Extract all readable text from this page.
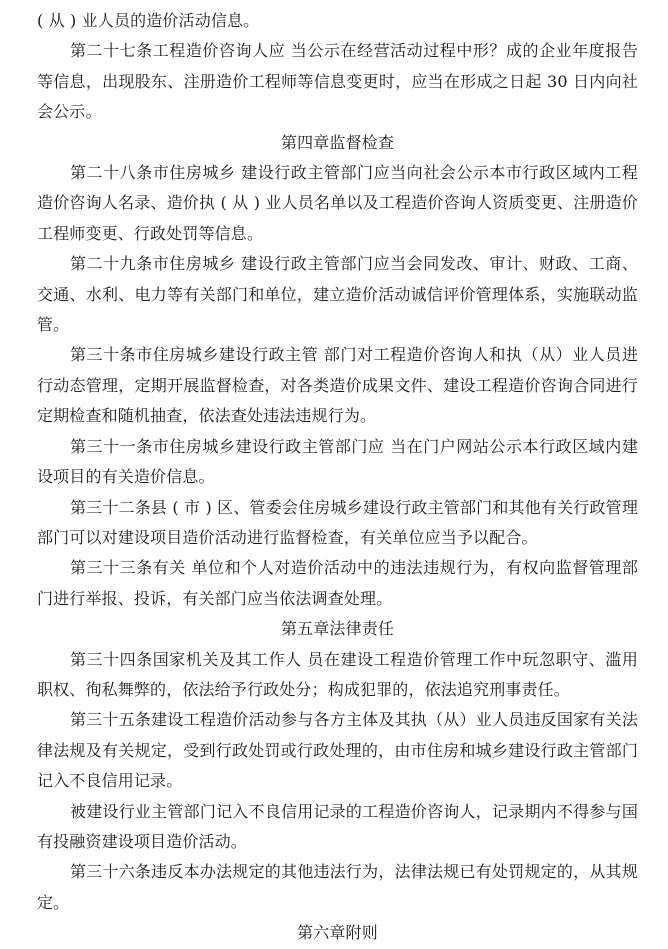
( 从 ) 业人员的造价活动信息。

第二十七条工程造价咨询人应 当公示在经营活动过程中形？成的企业年度报告等信息，出现股东、注册造价工程师等信息变更时，应当在形成之日起 30 日内向社会公示。

第四章监督检查

第二十八条市住房城乡 建设行政主管部门应当向社会公示本市行政区域内工程造价咨询人名录、造价执 ( 从 ) 业人员名单以及工程造价咨询人资质变更、注册造价工程师变更、行政处罚等信息。

第二十九条市住房城乡 建设行政主管部门应当会同发改、审计、财政、工商、交通、水利、电力等有关部门和单位，建立造价活动诚信评价管理体系，实施联动监管。

第三十条市住房城乡建设行政主管 部门对工程造价咨询人和执（从）业人员进行动态管理，定期开展监督检查，对各类造价成果文件、建设工程造价咨询合同进行定期检查和随机抽查，依法查处违法违规行为。

第三十一条市住房城乡建设行政主管部门应 当在门户网站公示本行政区域内建设项目的有关造价信息。

第三十二条县 ( 市 ) 区、管委会住房城乡建设行政主管部门和其他有关行政管理部门可以对建设项目造价活动进行监督检查，有关单位应当予以配合。

第三十三条有关 单位和个人对造价活动中的违法违规行为，有权向监督管理部门进行举报、投诉，有关部门应当依法调查处理。

第五章法律责任

第三十四条国家机关及其工作人 员在建设工程造价管理工作中玩忽职守、滥用职权、徇私舞弊的，依法给予行政处分；构成犯罪的，依法追究刑事责任。

第三十五条建设工程造价活动参与各方主体及其执（从）业人员违反国家有关法律法规及有关规定，受到行政处罚或行政处理的，由市住房和城乡建设行政主管部门记入不良信用记录。

被建设行业主管部门记入不良信用记录的工程造价咨询人，记录期内不得参与国有投融资建设项目造价活动。

第三十六条违反本办法规定的其他违法行为，法律法规已有处罚规定的，从其规定。

第六章附则
